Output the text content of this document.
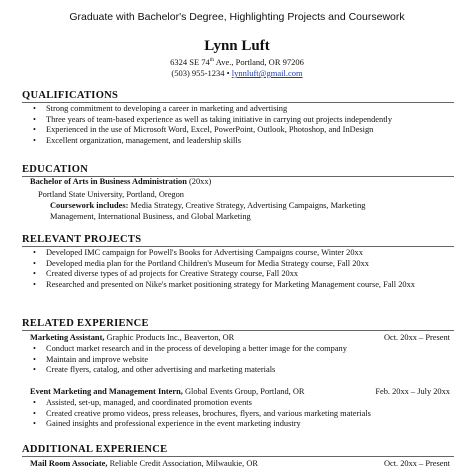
Graduate with Bachelor's Degree, Highlighting Projects and Coursework
Lynn Luft
6324 SE 74th Ave., Portland, OR 97206
(503) 955-1234 • lynnluft@gmail.com
QUALIFICATIONS
• Strong commitment to developing a career in marketing and advertising
• Three years of team-based experience as well as taking initiative in carrying out projects independently
• Experienced in the use of Microsoft Word, Excel, PowerPoint, Outlook, Photoshop, and InDesign
• Excellent organization, management, and leadership skills
EDUCATION
Bachelor of Arts in Business Administration (20xx)
Portland State University, Portland, Oregon
Coursework includes: Media Strategy, Creative Strategy, Advertising Campaigns, Marketing
Management, International Business, and Global Marketing
RELEVANT PROJECTS
• Developed IMC campaign for Powell's Books for Advertising Campaigns course, Winter 20xx
• Developed media plan for the Portland Children's Museum for Media Strategy course, Fall 20xx
• Created diverse types of ad projects for Creative Strategy course, Fall 20xx
• Researched and presented on Nike's market positioning strategy for Marketing Management course, Fall 20xx
RELATED EXPERIENCE
Marketing Assistant, Graphic Products Inc., Beaverton, OR	Oct. 20xx – Present
• Conduct market research and in the process of developing a better image for the company
• Maintain and improve website
• Create flyers, catalog, and other advertising and marketing materials
Event Marketing and Management Intern, Global Events Group, Portland, OR	Feb. 20xx – July 20xx
• Assisted, set-up, managed, and coordinated promotion events
• Created creative promo videos, press releases, brochures, flyers, and various marketing materials
• Gained insights and professional experience in the event marketing industry
ADDITIONAL EXPERIENCE
Mail Room Associate, Reliable Credit Association, Milwaukie, OR	Oct. 20xx – Present
